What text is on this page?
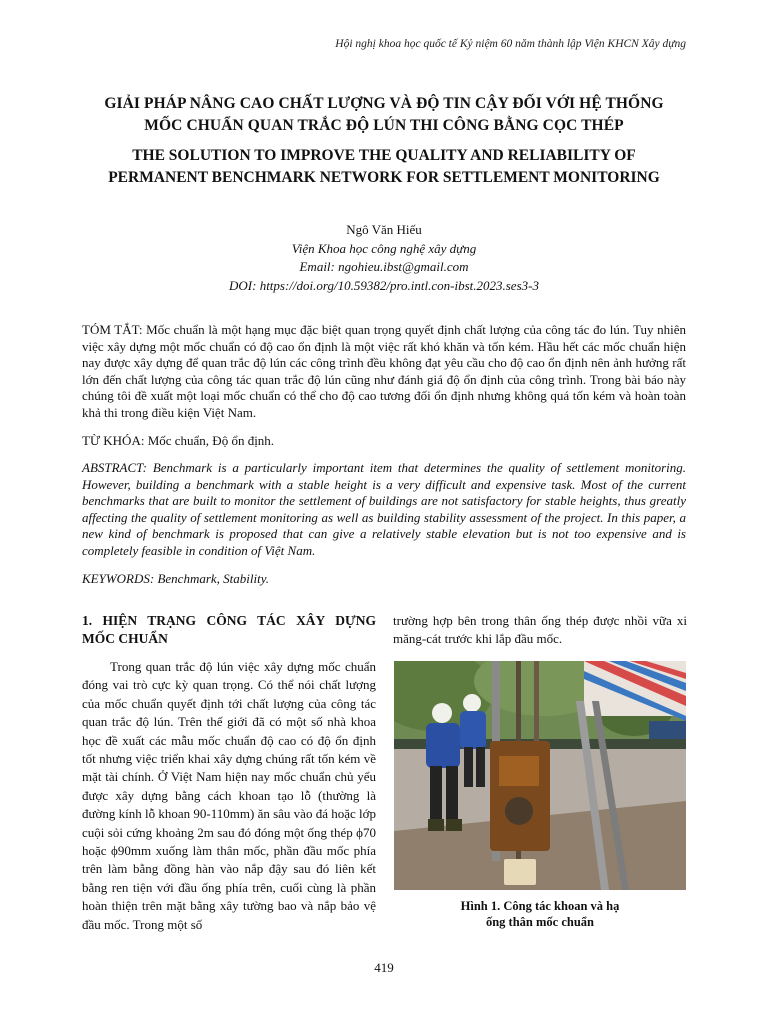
Hội nghị khoa học quốc tế Kỷ niệm 60 năm thành lập Viện KHCN Xây dựng
GIẢI PHÁP NÂNG CAO CHẤT LƯỢNG VÀ ĐỘ TIN CẬY ĐỐI VỚI HỆ THỐNG
MỐC CHUẨN QUAN TRẮC ĐỘ LÚN THI CÔNG BẰNG CỌC THÉP
THE SOLUTION TO IMPROVE THE QUALITY AND RELIABILITY OF
PERMANENT BENCHMARK NETWORK FOR SETTLEMENT MONITORING
Ngô Văn Hiếu
Viện Khoa học công nghệ xây dựng
Email: ngohieu.ibst@gmail.com
DOI: https://doi.org/10.59382/pro.intl.con-ibst.2023.ses3-3
TÓM TẮT: Mốc chuẩn là một hạng mục đặc biệt quan trọng quyết định chất lượng của công tác đo lún. Tuy nhiên việc xây dựng một mốc chuẩn có độ cao ổn định là một việc rất khó khăn và tốn kém. Hầu hết các mốc chuẩn hiện nay được xây dựng để quan trắc độ lún các công trình đều không đạt yêu cầu cho độ cao ổn định nên ảnh hưởng rất lớn đến chất lượng của công tác quan trắc độ lún cũng như đánh giá độ ổn định của công trình. Trong bài báo này chúng tôi đề xuất một loại mốc chuẩn có thể cho độ cao tương đối ổn định nhưng không quá tốn kém và hoàn toàn khả thi trong điều kiện Việt Nam.
TỪ KHÓA: Mốc chuẩn, Độ ổn định.
ABSTRACT: Benchmark is a particularly important item that determines the quality of settlement monitoring. However, building a benchmark with a stable height is a very difficult and expensive task. Most of the current benchmarks that are built to monitor the settlement of buildings are not satisfactory for stable heights, thus greatly affecting the quality of settlement monitoring as well as building stability assessment of the project. In this paper, a new kind of benchmark is proposed that can give a relatively stable elevation but is not too expensive and is completely feasible in condition of Việt Nam.
KEYWORDS: Benchmark, Stability.
1. HIỆN TRẠNG CÔNG TÁC XÂY DỰNG
MỐC CHUẨN
Trong quan trắc độ lún việc xây dựng mốc chuẩn đóng vai trò cực kỳ quan trọng. Có thể nói chất lượng của mốc chuẩn quyết định tới chất lượng của công tác quan trắc độ lún. Trên thế giới đã có một số nhà khoa học đề xuất các mẫu mốc chuẩn độ cao có độ ổn định tốt nhưng việc triển khai xây dựng chúng rất tốn kém về mặt tài chính. Ở Việt Nam hiện nay mốc chuẩn chủ yếu được xây dựng bằng cách khoan tạo lỗ (thường là đường kính lỗ khoan 90-110mm) ăn sâu vào đá hoặc lớp cuội sỏi cứng khoảng 2m sau đó đóng một ống thép ϕ70 hoặc ϕ90mm xuống làm thân mốc, phần đầu mốc phía trên làm bằng đồng hàn vào nắp đậy sau đó liên kết bằng ren tiện với đầu ống phía trên, cuối cùng là phần hoàn thiện trên mặt bằng xây tường bao và nắp bảo vệ đầu mốc. Trong một số
trường hợp bên trong thân ống thép được nhồi vữa xi măng-cát trước khi lắp đầu mốc.
Hình 1. Công tác khoan và hạ
ống thân mốc chuẩn
419
